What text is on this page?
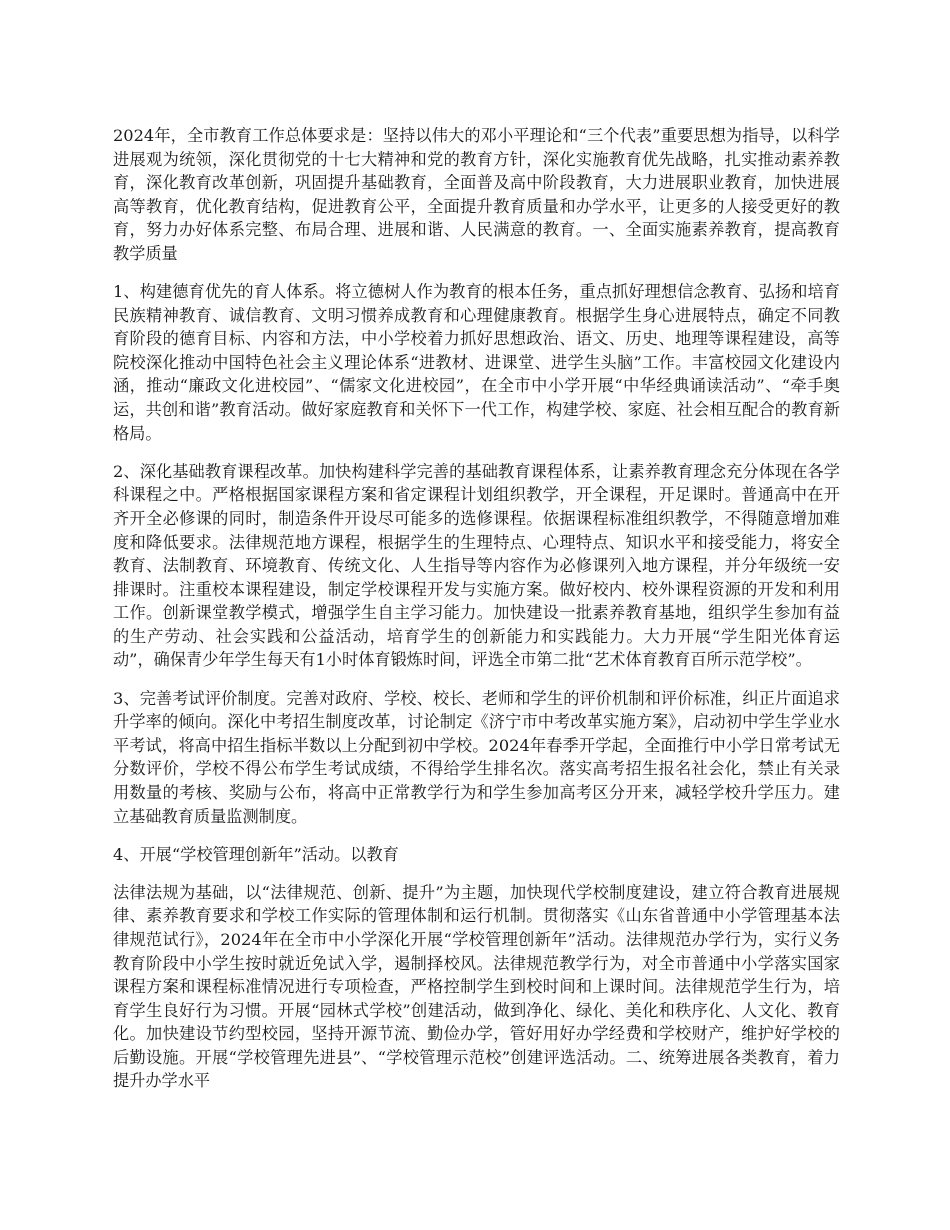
2024年，全市教育工作总体要求是：坚持以伟大的邓小平理论和“三个代表”重要思想为指导，以科学进展观为统领，深化贯彻党的十七大精神和党的教育方针，深化实施教育优先战略，扎实推动素养教育，深化教育改革创新，巩固提升基础教育，全面普及高中阶段教育，大力进展职业教育，加快进展高等教育，优化教育结构，促进教育公平，全面提升教育质量和办学水平，让更多的人接受更好的教育，努力办好体系完整、布局合理、进展和谐、人民满意的教育。一、全面实施素养教育，提高教育教学质量

1、构建德育优先的育人体系。将立德树人作为教育的根本任务，重点抓好理想信念教育、弘扬和培育民族精神教育、诚信教育、文明习惯养成教育和心理健康教育。根据学生身心进展特点，确定不同教育阶段的德育目标、内容和方法，中小学校着力抓好思想政治、语文、历史、地理等课程建设，高等院校深化推动中国特色社会主义理论体系“进教材、进课堂、进学生头脑”工作。丰富校园文化建设内涵，推动“廉政文化进校园”、“儒家文化进校园”，在全市中小学开展“中华经典诵读活动”、“牵手奥运，共创和谐”教育活动。做好家庭教育和关怀下一代工作，构建学校、家庭、社会相互配合的教育新格局。

2、深化基础教育课程改革。加快构建科学完善的基础教育课程体系，让素养教育理念充分体现在各学科课程之中。严格根据国家课程方案和省定课程计划组织教学，开全课程，开足课时。普通高中在开齐开全必修课的同时，制造条件开设尽可能多的选修课程。依据课程标准组织教学，不得随意增加难度和降低要求。法律规范地方课程，根据学生的生理特点、心理特点、知识水平和接受能力，将安全教育、法制教育、环境教育、传统文化、人生指导等内容作为必修课列入地方课程，并分年级统一安排课时。注重校本课程建设，制定学校课程开发与实施方案。做好校内、校外课程资源的开发和利用工作。创新课堂教学模式，增强学生自主学习能力。加快建设一批素养教育基地，组织学生参加有益的生产劳动、社会实践和公益活动，培育学生的创新能力和实践能力。大力开展“学生阳光体育运动”，确保青少年学生每天有1小时体育锻炼时间，评选全市第二批“艺术体育教育百所示范学校”。

3、完善考试评价制度。完善对政府、学校、校长、老师和学生的评价机制和评价标准，纠正片面追求升学率的倾向。深化中考招生制度改革，讨论制定《济宁市中考改革实施方案》，启动初中学生学业水平考试，将高中招生指标半数以上分配到初中学校。2024年春季开学起，全面推行中小学日常考试无分数评价，学校不得公布学生考试成绩，不得给学生排名次。落实高考招生报名社会化，禁止有关录用数量的考核、奖励与公布，将高中正常教学行为和学生参加高考区分开来，减轻学校升学压力。建立基础教育质量监测制度。

4、开展“学校管理创新年”活动。以教育

法律法规为基础，以“法律规范、创新、提升”为主题，加快现代学校制度建设，建立符合教育进展规律、素养教育要求和学校工作实际的管理体制和运行机制。贯彻落实《山东省普通中小学管理基本法律规范试行》，2024年在全市中小学深化开展“学校管理创新年”活动。法律规范办学行为，实行义务教育阶段中小学生按时就近免试入学，遏制择校风。法律规范教学行为，对全市普通中小学落实国家课程方案和课程标准情况进行专项检查，严格控制学生到校时间和上课时间。法律规范学生行为，培育学生良好行为习惯。开展“园林式学校”创建活动，做到净化、绿化、美化和秩序化、人文化、教育化。加快建设节约型校园，坚持开源节流、勤俭办学，管好用好办学经费和学校财产，维护好学校的后勤设施。开展“学校管理先进县”、“学校管理示范校”创建评选活动。二、统筹进展各类教育，着力提升办学水平
